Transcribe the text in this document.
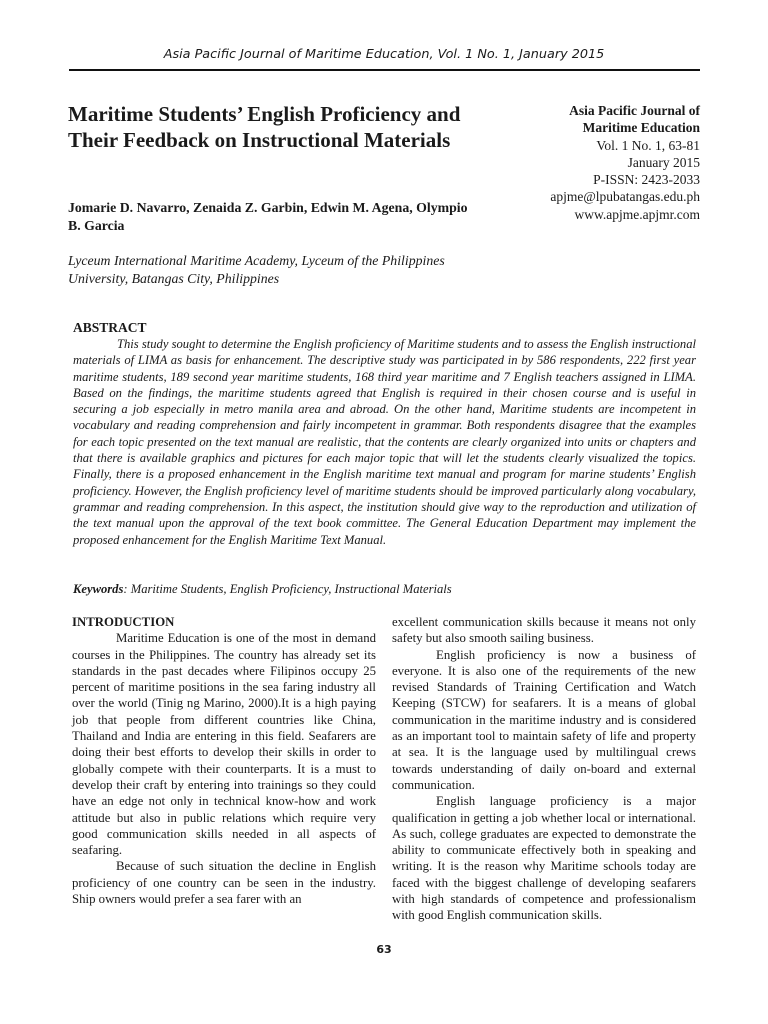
Asia Pacific Journal of Maritime Education, Vol. 1 No. 1, January 2015
Maritime Students’ English Proficiency and Their Feedback on Instructional Materials
Asia Pacific Journal of
Maritime Education
Vol. 1 No. 1, 63-81
January 2015
P-ISSN: 2423-2033
apjme@lpubatangas.edu.ph
www.apjme.apjmr.com
Jomarie D. Navarro, Zenaida Z. Garbin, Edwin M. Agena, Olympio B. Garcia
Lyceum International Maritime Academy, Lyceum of the Philippines University, Batangas City, Philippines
ABSTRACT

This study sought to determine the English proficiency of Maritime students and to assess the English instructional materials of LIMA as basis for enhancement. The descriptive study was participated in by 586 respondents, 222 first year maritime students, 189 second year maritime students, 168 third year maritime and 7 English teachers assigned in LIMA. Based on the findings, the maritime students agreed that English is required in their chosen course and is useful in securing a job especially in metro manila area and abroad. On the other hand, Maritime students are incompetent in vocabulary and reading comprehension and fairly incompetent in grammar. Both respondents disagree that the examples for each topic presented on the text manual are realistic, that the contents are clearly organized into units or chapters and that there is available graphics and pictures for each major topic that will let the students clearly visualized the topics. Finally, there is a proposed enhancement in the English maritime text manual and program for marine students’ English proficiency. However, the English proficiency level of maritime students should be improved particularly along vocabulary, grammar and reading comprehension. In this aspect, the institution should give way to the reproduction and utilization of the text manual upon the approval of the text book committee. The General Education Department may implement the proposed enhancement for the English Maritime Text Manual.

Keywords: Maritime Students, English Proficiency, Instructional Materials

INTRODUCTION

Maritime Education is one of the most in demand courses in the Philippines. The country has already set its standards in the past decades where Filipinos occupy 25 percent of maritime positions in the sea faring industry all over the world (Tinig ng Marino, 2000).It is a high paying job that people from different countries like China, Thailand and India are entering in this field. Seafarers are doing their best efforts to develop their skills in order to globally compete with their counterparts. It is a must to develop their craft by entering into trainings so they could have an edge not only in technical know-how and work attitude but also in public relations which require very good communication skills needed in all aspects of seafaring.

Because of such situation the decline in English proficiency of one country can be seen in the industry. Ship owners would prefer a sea farer with an

excellent communication skills because it means not only safety but also smooth sailing business.

English proficiency is now a business of everyone. It is also one of the requirements of the new revised Standards of Training Certification and Watch Keeping (STCW) for seafarers. It is a means of global communication in the maritime industry and is considered as an important tool to maintain safety of life and property at sea. It is the language used by multilingual crews towards understanding of daily on-board and external communication.

English language proficiency is a major qualification in getting a job whether local or international. As such, college graduates are expected to demonstrate the ability to communicate effectively both in speaking and writing. It is the reason why Maritime schools today are faced with the biggest challenge of developing seafarers with high standards of competence and professionalism with good English communication skills.

63
